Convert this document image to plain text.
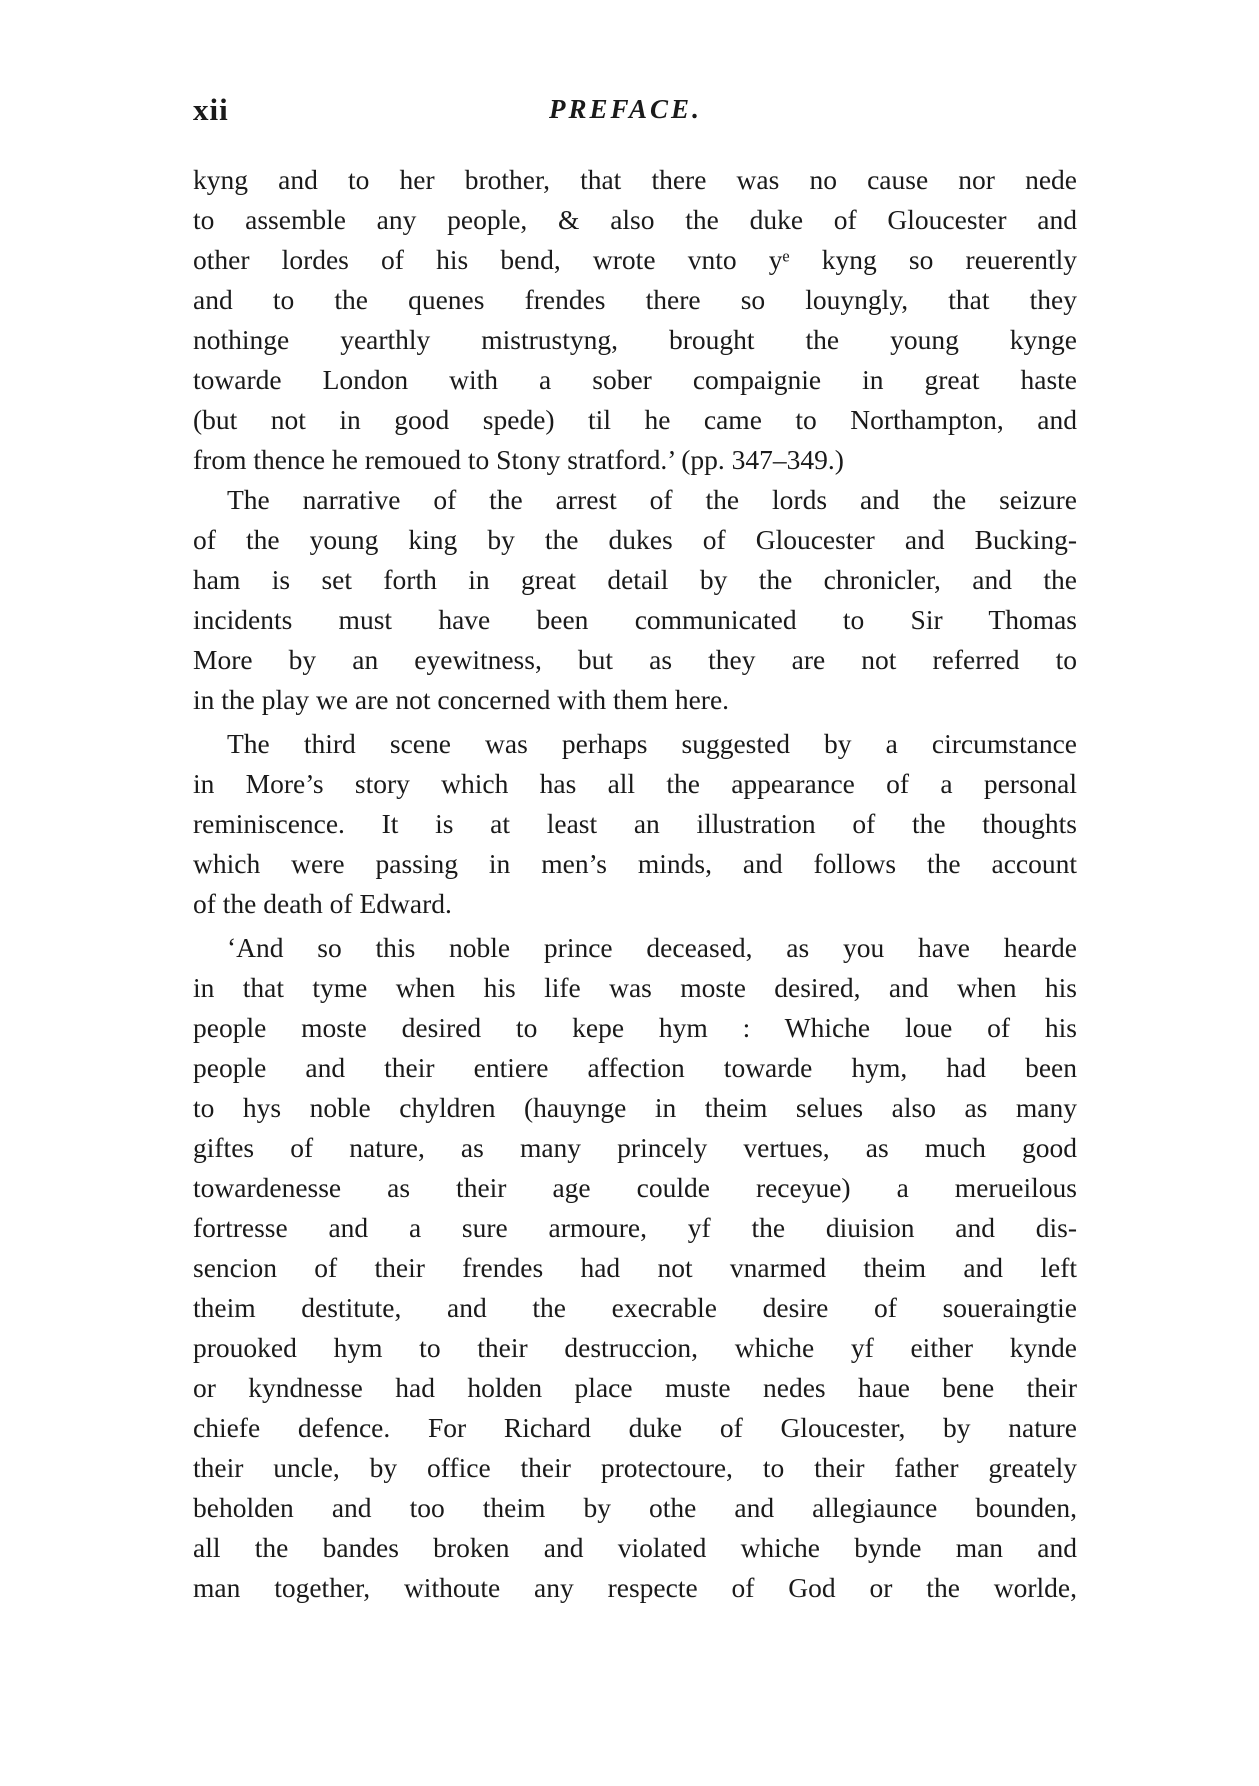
xii	PREFACE.
kyng and to her brother, that there was no cause nor nede
to assemble any people, & also the duke of Gloucester and
other lordes of his bend, wrote vnto yᵉ kyng so reuerently
and to the quenes frendes there so louyngly, that they
nothinge yearthly mistrustyng, brought the young kynge
towarde London with a sober compaignie in great haste
(but not in good spede) til he came to Northampton, and
from thence he remoued to Stony stratford.’ (pp. 347–349.)
The narrative of the arrest of the lords and the seizure
of the young king by the dukes of Gloucester and Bucking-
ham is set forth in great detail by the chronicler, and the
incidents must have been communicated to Sir Thomas
More by an eyewitness, but as they are not referred to
in the play we are not concerned with them here.
The third scene was perhaps suggested by a circumstance
in More’s story which has all the appearance of a personal
reminiscence. It is at least an illustration of the thoughts
which were passing in men’s minds, and follows the account
of the death of Edward.
‘And so this noble prince deceased, as you have hearde
in that tyme when his life was moste desired, and when his
people moste desired to kepe hym : Whiche loue of his
people and their entiere affection towarde hym, had been
to hys noble chyldren (hauynge in theim selues also as many
giftes of nature, as many princely vertues, as much good
towardenesse as their age coulde receyue) a merueilous
fortresse and a sure armoure, yf the diuision and dis-
sencion of their frendes had not vnarmed theim and left
theim destitute, and the execrable desire of soueraingtie
prouoked hym to their destruccion, whiche yf either kynde
or kyndnesse had holden place muste nedes haue bene their
chiefe defence. For Richard duke of Gloucester, by nature
their uncle, by office their protectoure, to their father greately
beholden and too theim by othe and allegiaunce bounden,
all the bandes broken and violated whiche bynde man and
man together, withoute any respecte of God or the worlde,
